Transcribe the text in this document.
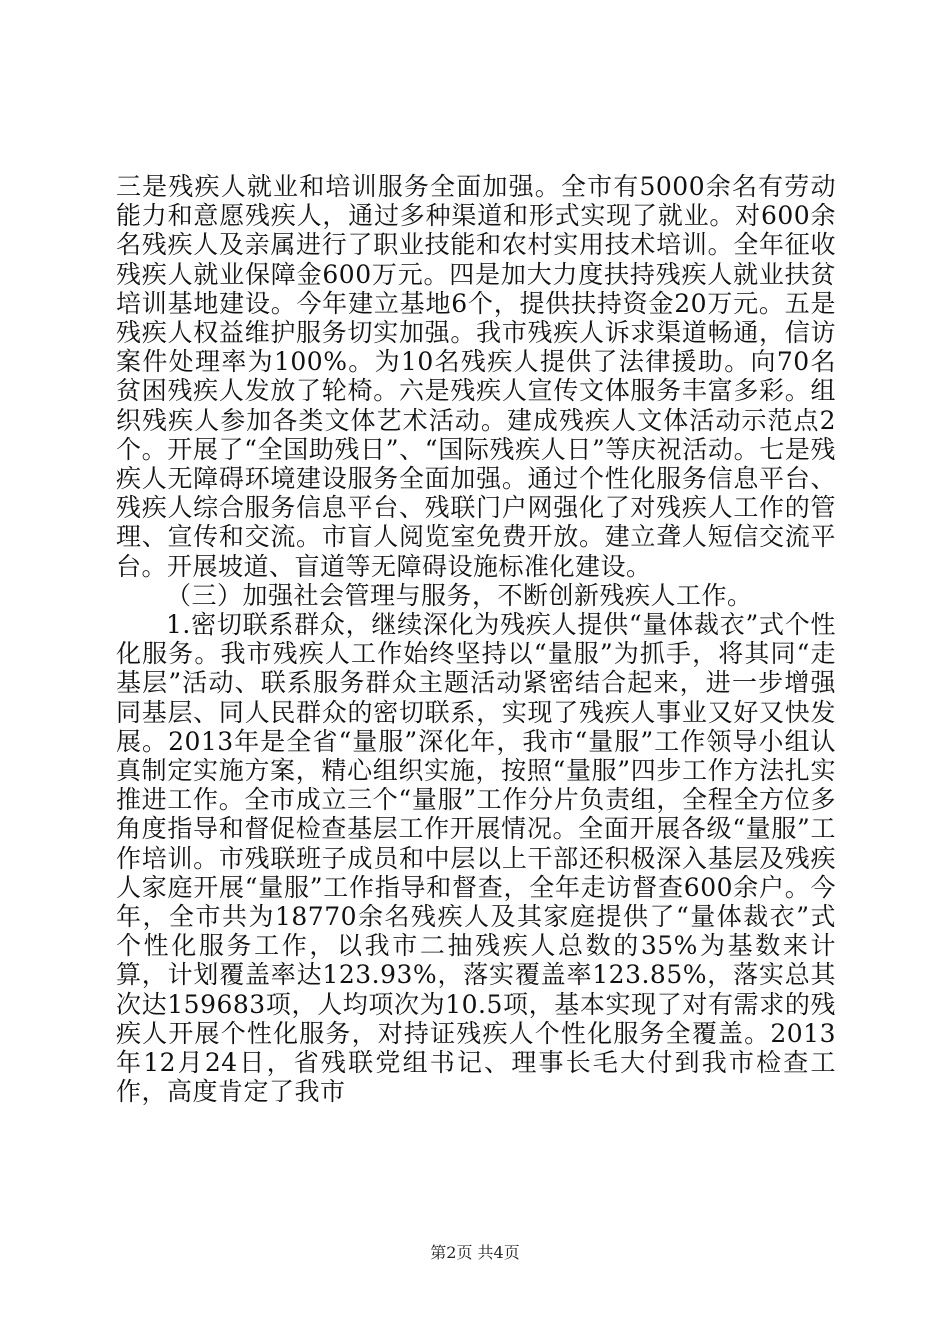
三是残疾人就业和培训服务全面加强。全市有5000余名有劳动能力和意愿残疾人，通过多种渠道和形式实现了就业。对600余名残疾人及亲属进行了职业技能和农村实用技术培训。全年征收残疾人就业保障金600万元。四是加大力度扶持残疾人就业扶贫培训基地建设。今年建立基地6个，提供扶持资金20万元。五是残疾人权益维护服务切实加强。我市残疾人诉求渠道畅通，信访案件处理率为100%。为10名残疾人提供了法律援助。向70名贫困残疾人发放了轮椅。六是残疾人宣传文体服务丰富多彩。组织残疾人参加各类文体艺术活动。建成残疾人文体活动示范点2个。开展了“全国助残日”、“国际残疾人日”等庆祝活动。七是残疾人无障碍环境建设服务全面加强。通过个性化服务信息平台、残疾人综合服务信息平台、残联门户网强化了对残疾人工作的管理、宣传和交流。市盲人阅览室免费开放。建立聋人短信交流平台。开展坡道、盲道等无障碍设施标准化建设。

（三）加强社会管理与服务，不断创新残疾人工作。

1.密切联系群众，继续深化为残疾人提供“量体裁衣”式个性化服务。我市残疾人工作始终坚持以“量服”为抓手，将其同“走基层”活动、联系服务群众主题活动紧密结合起来，进一步增强同基层、同人民群众的密切联系，实现了残疾人事业又好又快发展。2013年是全省“量服”深化年，我市“量服”工作领导小组认真制定实施方案，精心组织实施，按照“量服”四步工作方法扎实推进工作。全市成立三个“量服”工作分片负责组，全程全方位多角度指导和督促检查基层工作开展情况。全面开展各级“量服”工作培训。市残联班子成员和中层以上干部还积极深入基层及残疾人家庭开展“量服”工作指导和督查，全年走访督查600余户。今年，全市共为18770余名残疾人及其家庭提供了“量体裁衣”式个性化服务工作，以我市二抽残疾人总数的35%为基数来计算，计划覆盖率达123.93%，落实覆盖率123.85%，落实总其次达159683项，人均项次为10.5项，基本实现了对有需求的残疾人开展个性化服务，对持证残疾人个性化服务全覆盖。2013年12月24日，省残联党组书记、理事长毛大付到我市检查工作，高度肯定了我市

第2页 共4页
